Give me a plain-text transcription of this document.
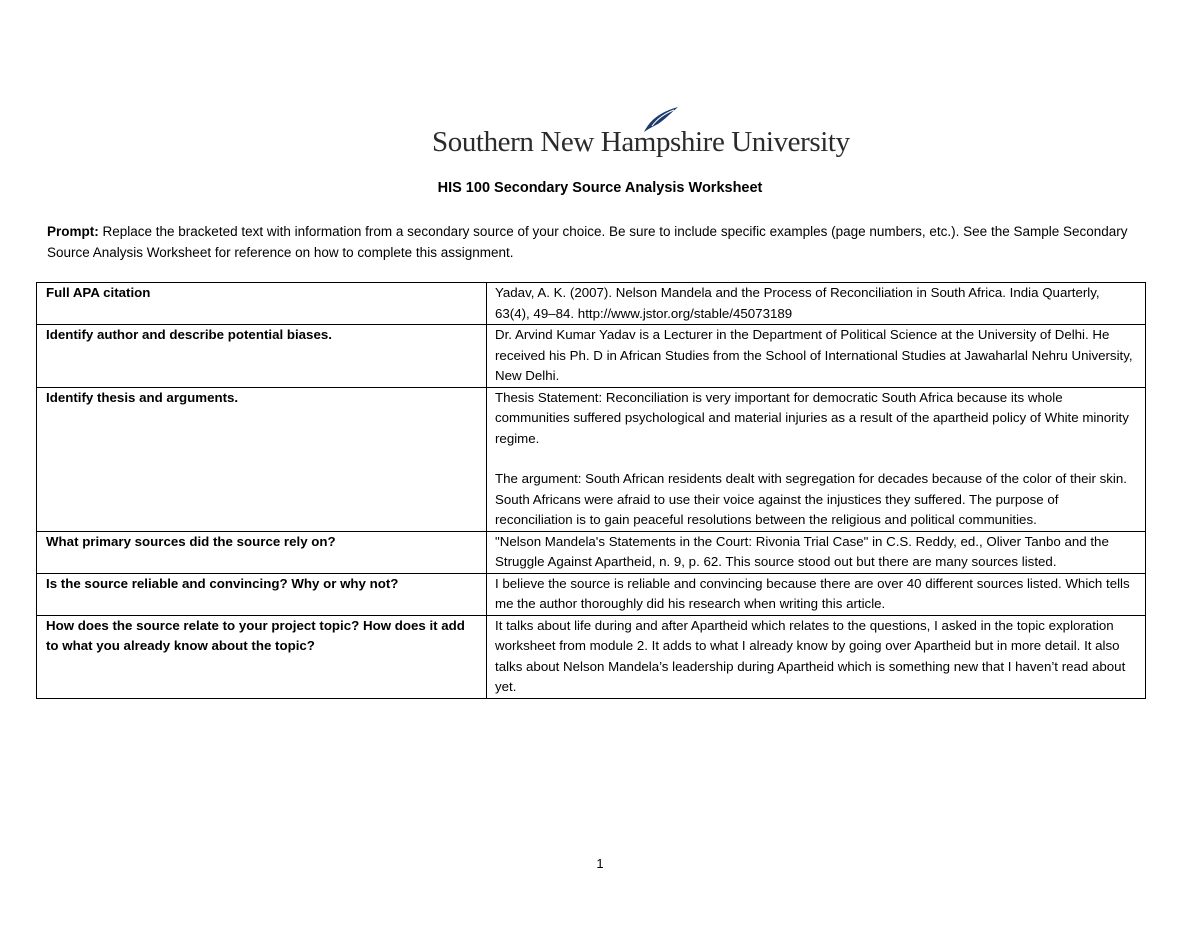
Southern New Hampshire University
HIS 100 Secondary Source Analysis Worksheet
Prompt: Replace the bracketed text with information from a secondary source of your choice. Be sure to include specific examples (page numbers, etc.). See the Sample Secondary Source Analysis Worksheet for reference on how to complete this assignment.
Full APA citation	Yadav, A. K. (2007). Nelson Mandela and the Process of Reconciliation in South Africa. India Quarterly, 63(4), 49–84. http://www.jstor.org/stable/45073189
Identify author and describe potential biases.	Dr. Arvind Kumar Yadav is a Lecturer in the Department of Political Science at the University of Delhi. He received his Ph. D in African Studies from the School of International Studies at Jawaharlal Nehru University, New Delhi.
Identify thesis and arguments.	Thesis Statement: Reconciliation is very important for democratic South Africa because its whole communities suffered psychological and material injuries as a result of the apartheid policy of White minority regime.
The argument: South African residents dealt with segregation for decades because of the color of their skin. South Africans were afraid to use their voice against the injustices they suffered. The purpose of reconciliation is to gain peaceful resolutions between the religious and political communities.

What primary sources did the source rely on?	"Nelson Mandela's Statements in the Court: Rivonia Trial Case" in C.S. Reddy, ed., Oliver Tanbo and the Struggle Against Apartheid, n. 9, p. 62. This source stood out but there are many sources listed.
Is the source reliable and convincing? Why or why not?	I believe the source is reliable and convincing because there are over 40 different sources listed. Which tells me the author thoroughly did his research when writing this article.
How does the source relate to your project topic? How does it add to what you already know about the topic?	It talks about life during and after Apartheid which relates to the questions, I asked in the topic exploration worksheet from module 2. It adds to what I already know by going over Apartheid but in more detail. It also talks about Nelson Mandela’s leadership during Apartheid which is something new that I haven’t read about yet.
1
